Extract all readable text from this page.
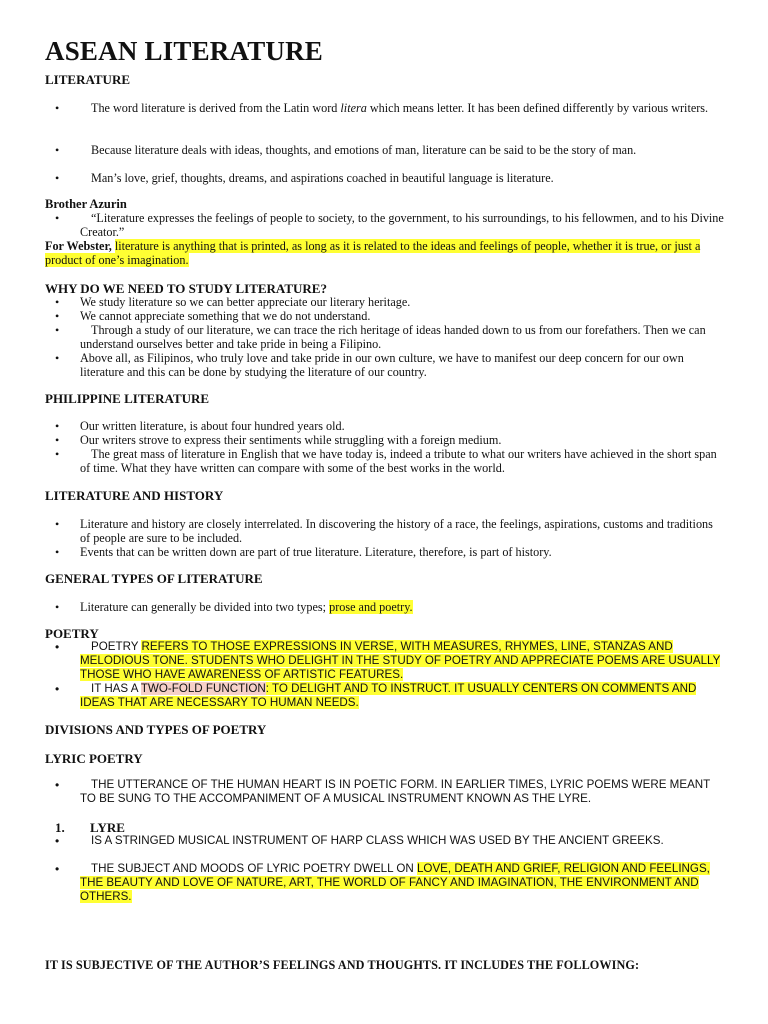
ASEAN LITERATURE
LITERATURE

• The word literature is derived from the Latin word litera which means letter. It has been defined differently by various writers.

• Because literature deals with ideas, thoughts, and emotions of man, literature can be said to be the story of man.

• Man’s love, grief, thoughts, dreams, and aspirations coached in beautiful language is literature.

Brother Azurin

• “Literature expresses the feelings of people to society, to the government, to his surroundings, to his fellowmen, and to his Divine Creator.”

For Webster, literature is anything that is printed, as long as it is related to the ideas and feelings of people, whether it is true, or just a product of one’s imagination.

WHY DO WE NEED TO STUDY LITERATURE?

• We study literature so we can better appreciate our literary heritage.

• We cannot appreciate something that we do not understand.

• Through a study of our literature, we can trace the rich heritage of ideas handed down to us from our forefathers. Then we can understand ourselves better and take pride in being a Filipino.

• Above all, as Filipinos, who truly love and take pride in our own culture, we have to manifest our deep concern for our own literature and this can be done by studying the literature of our country.

PHILIPPINE LITERATURE

• Our written literature, is about four hundred years old.

• Our writers strove to express their sentiments while struggling with a foreign medium.

• The great mass of literature in English that we have today is, indeed a tribute to what our writers have achieved in the short span of time. What they have written can compare with some of the best works in the world.

LITERATURE AND HISTORY

• Literature and history are closely interrelated. In discovering the history of a race, the feelings, aspirations, customs and traditions of people are sure to be included.

• Events that can be written down are part of true literature. Literature, therefore, is part of history.

GENERAL TYPES OF LITERATURE

• Literature can generally be divided into two types; prose and poetry.

POETRY

• POETRY REFERS TO THOSE EXPRESSIONS IN VERSE, WITH MEASURES, RHYMES, LINE, STANZAS AND MELODIOUS TONE. STUDENTS WHO DELIGHT IN THE STUDY OF POETRY AND APPRECIATE POEMS ARE USUALLY THOSE WHO HAVE AWARENESS OF ARTISTIC FEATURES.

• IT HAS A TWO-FOLD FUNCTION: TO DELIGHT AND TO INSTRUCT. IT USUALLY CENTERS ON COMMENTS AND IDEAS THAT ARE NECESSARY TO HUMAN NEEDS.

DIVISIONS AND TYPES OF POETRY
LYRIC POETRY

• THE UTTERANCE OF THE HUMAN HEART IS IN POETIC FORM. IN EARLIER TIMES, LYRIC POEMS WERE MEANT TO BE SUNG TO THE ACCOMPANIMENT OF A MUSICAL INSTRUMENT KNOWN AS THE LYRE.

1. LYRE

• IS A STRINGED MUSICAL INSTRUMENT OF HARP CLASS WHICH WAS USED BY THE ANCIENT GREEKS.

• THE SUBJECT AND MOODS OF LYRIC POETRY DWELL ON LOVE, DEATH AND GRIEF, RELIGION AND FEELINGS, THE BEAUTY AND LOVE OF NATURE, ART, THE WORLD OF FANCY AND IMAGINATION, THE ENVIRONMENT AND OTHERS.

IT IS SUBJECTIVE OF THE AUTHOR’S FEELINGS AND THOUGHTS. IT INCLUDES THE FOLLOWING:
